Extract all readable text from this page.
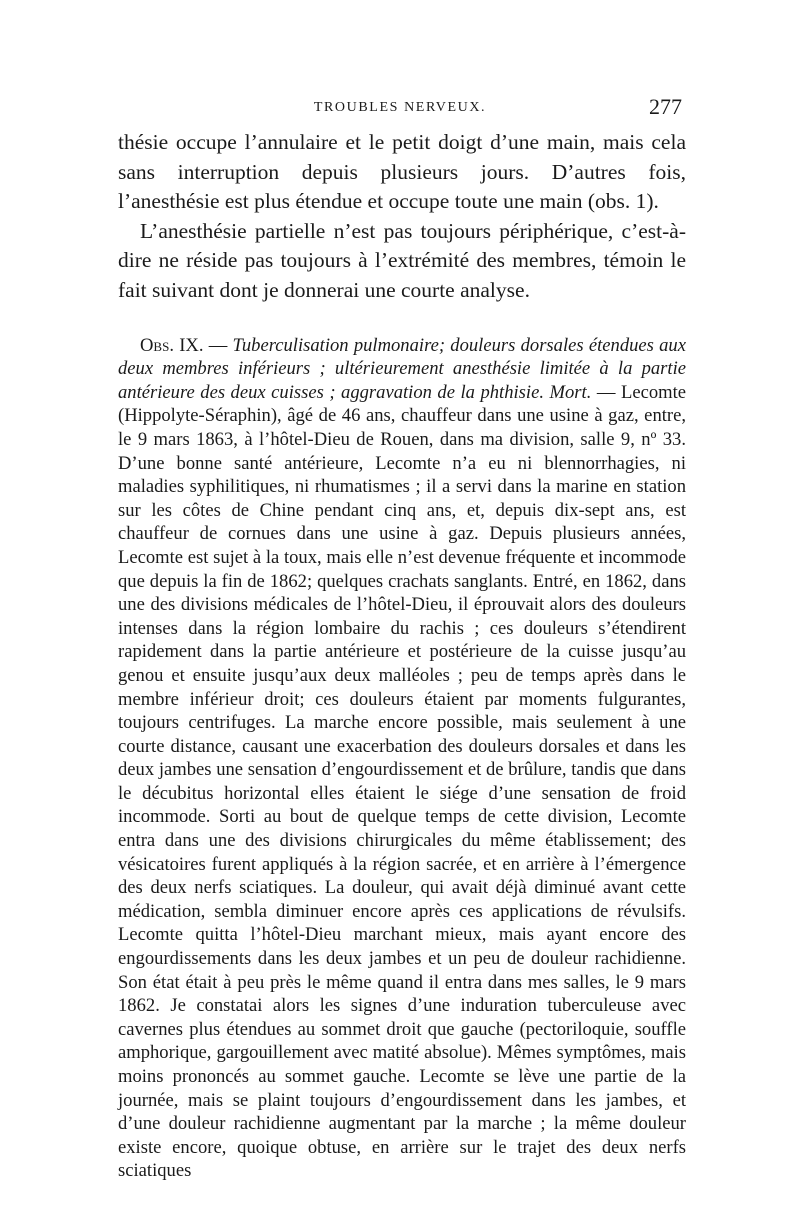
TROUBLES NERVEUX.	277

thésie occupe l’annulaire et le petit doigt d’une main, mais cela sans interruption depuis plusieurs jours. D’autres fois, l’anesthésie est plus étendue et occupe toute une main (obs. 1).

L’anesthésie partielle n’est pas toujours périphérique, c’est-à-dire ne réside pas toujours à l’extrémité des membres, témoin le fait suivant dont je donnerai une courte analyse.

Obs. IX. — Tuberculisation pulmonaire; douleurs dorsales étendues aux deux membres inférieurs ; ultérieurement anesthésie limitée à la partie antérieure des deux cuisses ; aggravation de la phthisie. Mort. — Lecomte (Hippolyte-Séraphin), âgé de 46 ans, chauffeur dans une usine à gaz, entre, le 9 mars 1863, à l’hôtel-Dieu de Rouen, dans ma division, salle 9, nº 33. D’une bonne santé antérieure, Lecomte n’a eu ni blennorrhagies, ni maladies syphilitiques, ni rhumatismes ; il a servi dans la marine en station sur les côtes de Chine pendant cinq ans, et, depuis dix-sept ans, est chauffeur de cornues dans une usine à gaz. Depuis plusieurs années, Lecomte est sujet à la toux, mais elle n’est devenue fréquente et incommode que depuis la fin de 1862; quelques crachats sanglants. Entré, en 1862, dans une des divisions médicales de l’hôtel-Dieu, il éprouvait alors des douleurs intenses dans la région lombaire du rachis ; ces douleurs s’étendirent rapidement dans la partie antérieure et postérieure de la cuisse jusqu’au genou et ensuite jusqu’aux deux malléoles ; peu de temps après dans le membre inférieur droit; ces douleurs étaient par moments fulgurantes, toujours centrifuges. La marche encore possible, mais seulement à une courte distance, causant une exacerbation des douleurs dorsales et dans les deux jambes une sensation d’engourdissement et de brûlure, tandis que dans le décubitus horizontal elles étaient le siége d’une sensation de froid incommode. Sorti au bout de quelque temps de cette division, Lecomte entra dans une des divisions chirurgicales du même établissement; des vésicatoires furent appliqués à la région sacrée, et en arrière à l’émergence des deux nerfs sciatiques. La douleur, qui avait déjà diminué avant cette médication, sembla diminuer encore après ces applications de révulsifs. Lecomte quitta l’hôtel-Dieu marchant mieux, mais ayant encore des engourdissements dans les deux jambes et un peu de douleur rachidienne. Son état était à peu près le même quand il entra dans mes salles, le 9 mars 1862. Je constatai alors les signes d’une induration tuberculeuse avec cavernes plus étendues au sommet droit que gauche (pectoriloquie, souffle amphorique, gargouillement avec matité absolue). Mêmes symptômes, mais moins prononcés au sommet gauche. Lecomte se lève une partie de la journée, mais se plaint toujours d’engourdissement dans les jambes, et d’une douleur rachidienne augmentant par la marche ; la même douleur existe encore, quoique obtuse, en arrière sur le trajet des deux nerfs sciatiques
